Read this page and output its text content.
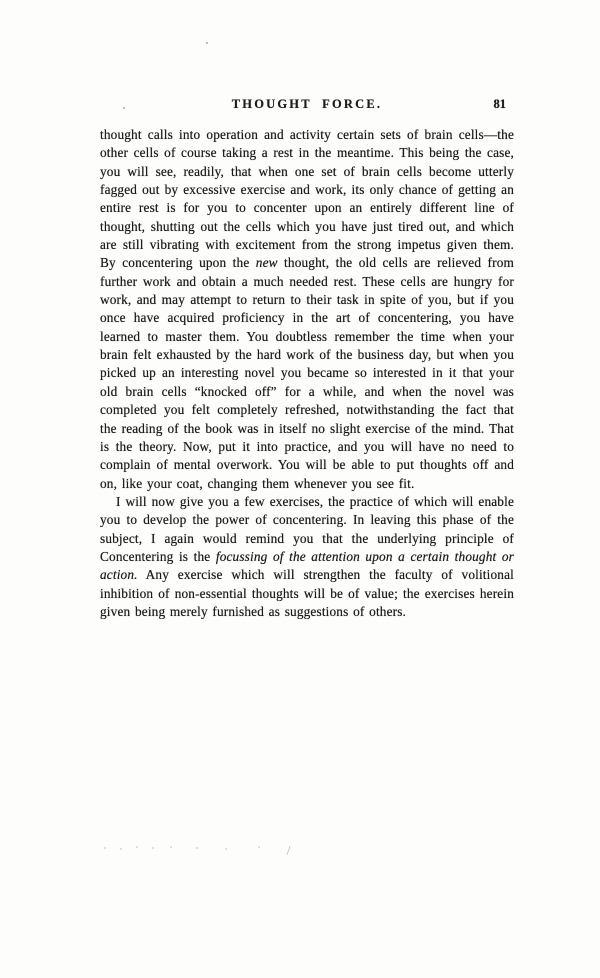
THOUGHT  FORCE.	81

thought calls into operation and activity certain sets of brain cells—the other cells of course taking a rest in the meantime. This being the case, you will see, readily, that when one set of brain cells become utterly fagged out by excessive exercise and work, its only chance of getting an entire rest is for you to concenter upon an entirely different line of thought, shutting out the cells which you have just tired out, and which are still vibrating with excitement from the strong impetus given them. By concentering upon the new thought, the old cells are relieved from further work and obtain a much needed rest. These cells are hungry for work, and may attempt to return to their task in spite of you, but if you once have acquired proficiency in the art of concentering, you have learned to master them. You doubtless remember the time when your brain felt exhausted by the hard work of the business day, but when you picked up an interesting novel you became so interested in it that your old brain cells “knocked off” for a while, and when the novel was completed you felt completely refreshed, notwithstanding the fact that the reading of the book was in itself no slight exercise of the mind. That is the theory. Now, put it into practice, and you will have no need to complain of mental overwork. You will be able to put thoughts off and on, like your coat, changing them whenever you see fit.

I will now give you a few exercises, the practice of which will enable you to develop the power of concentering. In leaving this phase of the subject, I again would remind you that the underlying principle of Concentering is the focussing of the attention upon a certain thought or action. Any exercise which will strengthen the faculty of volitional inhibition of non-essential thoughts will be of value; the exercises herein given being merely furnished as suggestions of others.
